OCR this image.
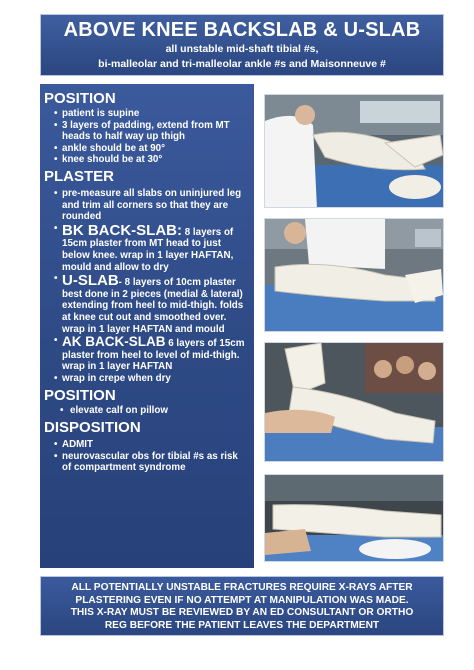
ABOVE KNEE BACKSLAB & U-SLAB
all unstable mid-shaft tibial #s,
bi-malleolar and tri-malleolar ankle #s and Maisonneuve #
POSITION
• patient is supine
• 3 layers of padding, extend from MT heads to half way up thigh
• ankle should be at 90°
• knee should be at 30°
PLASTER
• pre-measure all slabs on uninjured leg and trim all corners so that they are rounded
• BK BACK-SLAB: 8 layers of 15cm plaster from MT head to just below knee. wrap in 1 layer HAFTAN, mould and allow to dry
• U-SLAB- 8 layers of 10cm plaster best done in 2 pieces (medial & lateral) extending from heel to mid-thigh. folds at knee cut out and smoothed over. wrap in 1 layer HAFTAN and mould
• AK BACK-SLAB 6 layers of 15cm plaster from heel to level of mid-thigh. wrap in 1 layer HAFTAN
• wrap in crepe when dry
POSITION
• elevate calf on pillow
DISPOSITION
• ADMIT
• neurovascular obs for tibial #s as risk of compartment syndrome
ALL POTENTIALLY UNSTABLE FRACTURES REQUIRE X-RAYS AFTER
PLASTERING EVEN IF NO ATTEMPT AT MANIPULATION WAS MADE.
THIS X-RAY MUST BE REVIEWED BY AN ED CONSULTANT OR ORTHO
REG BEFORE THE PATIENT LEAVES THE DEPARTMENT
